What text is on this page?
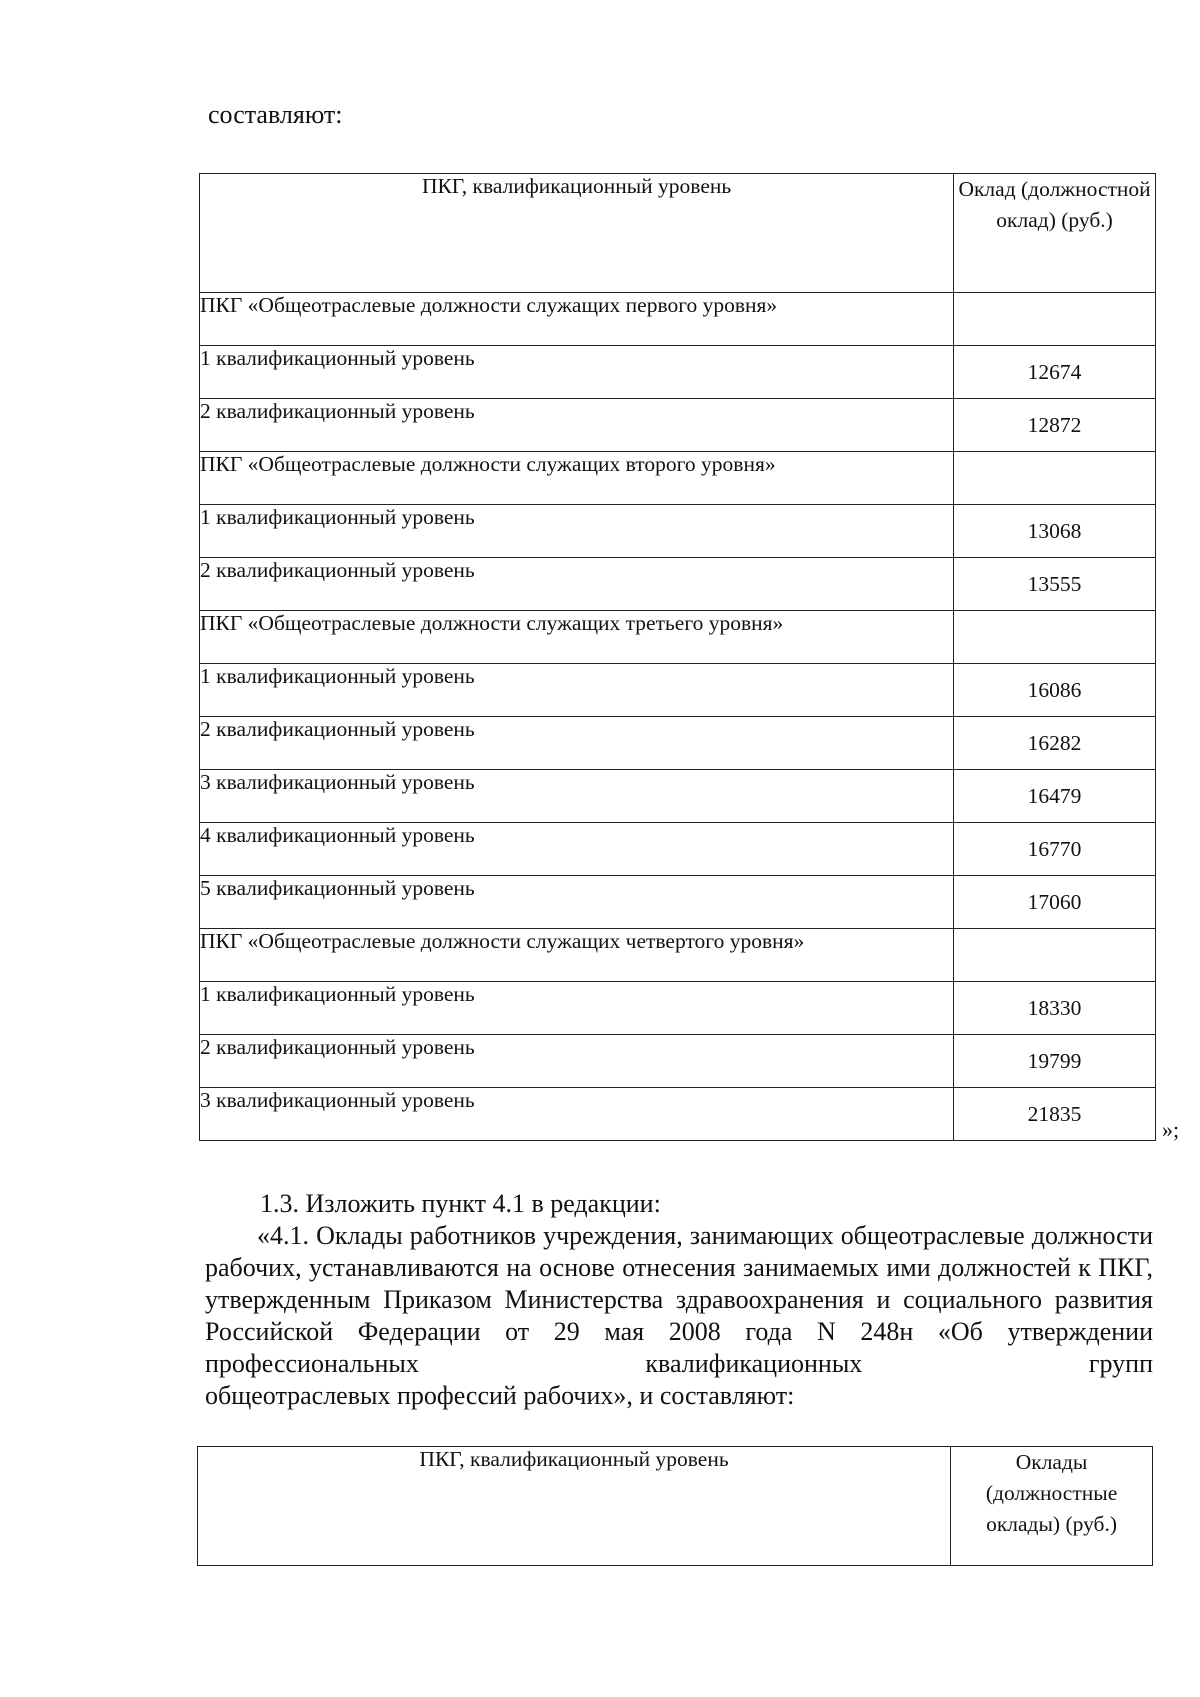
составляют:

ПКГ, квалификационный уровень	Оклад (должностной оклад) (руб.)
ПКГ «Общеотраслевые должности служащих первого уровня»	
1 квалификационный уровень	12674
2 квалификационный уровень	12872
ПКГ «Общеотраслевые должности служащих второго уровня»	
1 квалификационный уровень	13068
2 квалификационный уровень	13555
ПКГ «Общеотраслевые должности служащих третьего уровня»	
1 квалификационный уровень	16086
2 квалификационный уровень	16282
3 квалификационный уровень	16479
4 квалификационный уровень	16770
5 квалификационный уровень	17060
ПКГ «Общеотраслевые должности служащих четвертого уровня»	
1 квалификационный уровень	18330
2 квалификационный уровень	19799
3 квалификационный уровень	21835
»;

1.3. Изложить пункт 4.1 в редакции:

«4.1. Оклады работников учреждения, занимающих общеотраслевые должности рабочих, устанавливаются на основе отнесения занимаемых ими должностей к ПКГ, утвержденным Приказом Министерства здравоохранения и социального развития Российской Федерации от 29 мая 2008 года N 248н «Об утверждении профессиональных квалификационных групп

общеотраслевых профессий рабочих», и составляют:

ПКГ, квалификационный уровень	Оклады (должностные оклады) (руб.)
